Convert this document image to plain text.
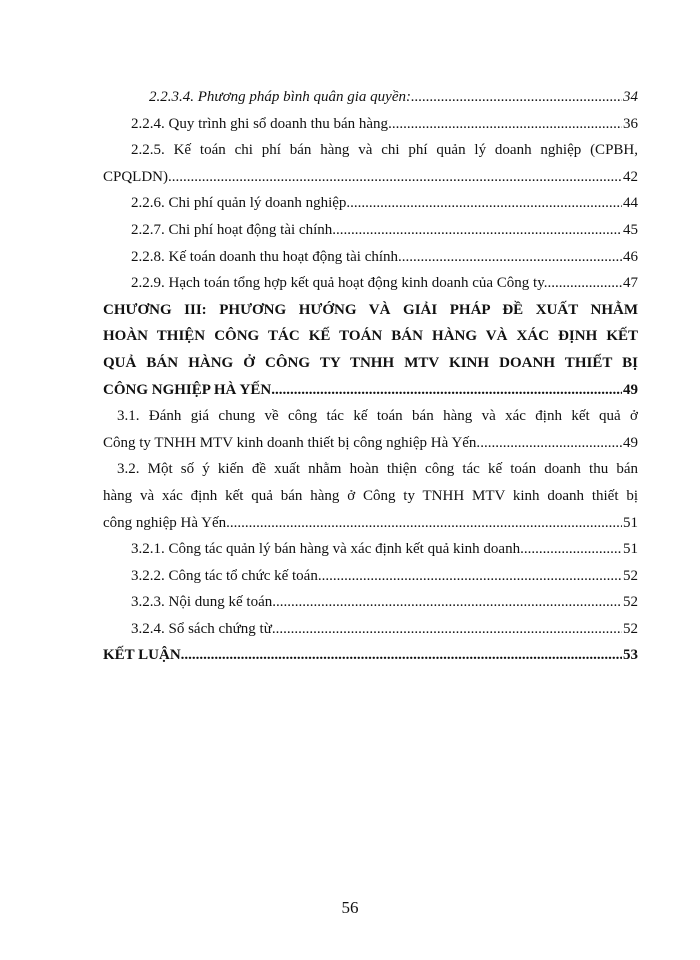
2.2.3.4. Phương pháp bình quân gia quyền: .....	34
2.2.4. Quy trình ghi sổ doanh thu bán hàng .....	36
2.2.5. Kế toán chi phí bán hàng và chi phí quản lý doanh nghiệp (CPBH,
CPQLDN) .....	42
2.2.6. Chi phí quản lý doanh nghiệp .....	44
2.2.7. Chi phí hoạt động tài chính .....	45
2.2.8. Kế toán doanh thu hoạt động tài chính .....	46
2.2.9. Hạch toán tổng hợp kết quả hoạt động kinh doanh của Công ty. .....	47
CHƯƠNG III: PHƯƠNG HƯỚNG VÀ GIẢI PHÁP ĐỀ XUẤT NHẰM
HOÀN THIỆN CÔNG TÁC KẾ TOÁN BÁN HÀNG VÀ XÁC ĐỊNH KẾT
QUẢ BÁN HÀNG Ở CÔNG TY TNHH MTV KINH DOANH THIẾT BỊ
CÔNG NGHIỆP HÀ YẾN .....	49
3.1. Đánh giá chung về công tác kế toán bán hàng và xác định kết quả ở
Công ty TNHH MTV kinh doanh thiết bị công nghiệp Hà Yến. .....	49
3.2. Một số ý kiến đề xuất nhằm hoàn thiện công tác kế toán doanh thu bán
hàng và xác định kết quả bán hàng ở Công ty TNHH MTV kinh doanh thiết bị
công nghiệp Hà Yến. .....	51
3.2.1. Công tác quản lý bán hàng và xác định kết quả kinh doanh. .....	51
3.2.2. Công tác tổ chức kế toán .....	52
3.2.3. Nội dung kế toán .....	52
3.2.4. Sổ sách chứng từ .....	52
KẾT LUẬN .....	53
56
